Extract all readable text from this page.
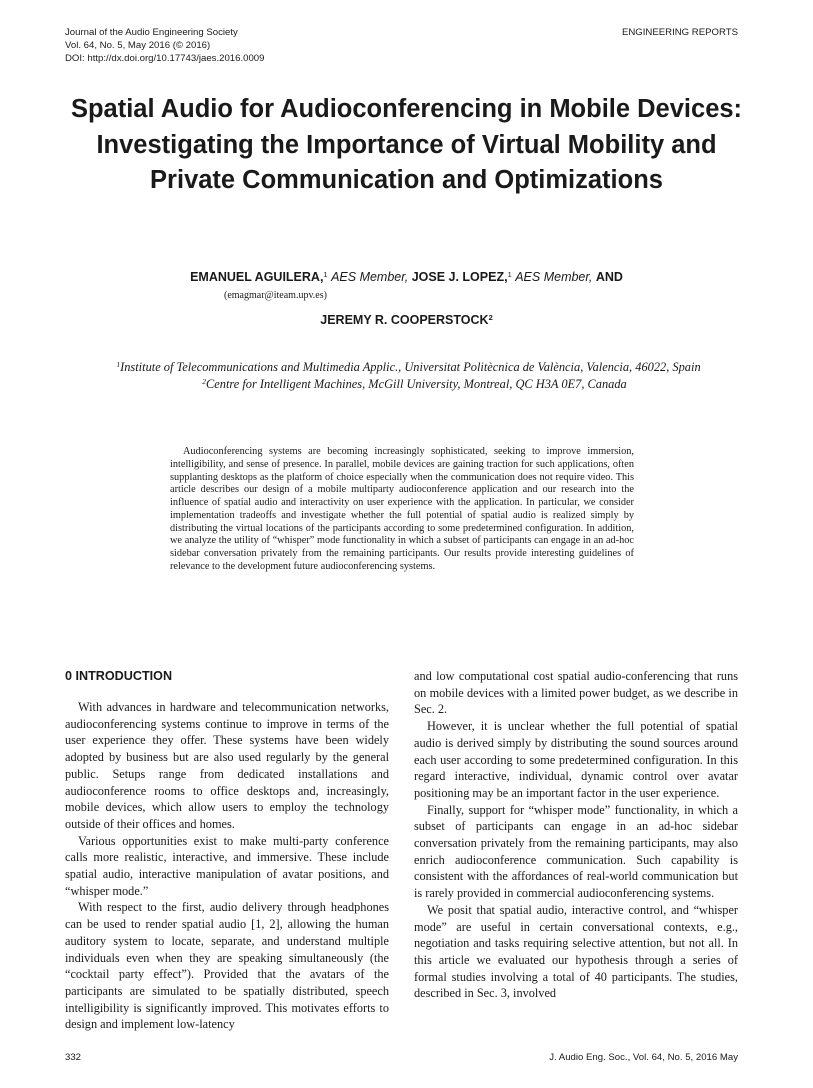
Journal of the Audio Engineering Society
Vol. 64, No. 5, May 2016 (© 2016)
DOI: http://dx.doi.org/10.17743/jaes.2016.0009
ENGINEERING REPORTS
Spatial Audio for Audioconferencing in Mobile Devices: Investigating the Importance of Virtual Mobility and Private Communication and Optimizations
EMANUEL AGUILERA,$^1$ AES Member, JOSE J. LOPEZ,$^1$ AES Member, AND
(emagmar@iteam.upv.es)
JEREMY R. COOPERSTOCK$^2$
$^1$Institute of Telecommunications and Multimedia Applic., Universitat Politècnica de València, Valencia, 46022, Spain
$^2$Centre for Intelligent Machines, McGill University, Montreal, QC H3A 0E7, Canada

Audioconferencing systems are becoming increasingly sophisticated, seeking to improve immersion, intelligibility, and sense of presence. In parallel, mobile devices are gaining traction for such applications, often supplanting desktops as the platform of choice especially when the communication does not require video. This article describes our design of a mobile multiparty audioconference application and our research into the influence of spatial audio and interactivity on user experience with the application. In particular, we consider implementation tradeoffs and investigate whether the full potential of spatial audio is realized simply by distributing the virtual locations of the participants according to some predetermined configuration. In addition, we analyze the utility of “whisper” mode functionality in which a subset of participants can engage in an ad-hoc sidebar conversation privately from the remaining participants. Our results provide interesting guidelines of relevance to the development future audioconferencing systems.

0 INTRODUCTION

With advances in hardware and telecommunication networks, audioconferencing systems continue to improve in terms of the user experience they offer. These systems have been widely adopted by business but are also used regularly by the general public. Setups range from dedicated installations and audioconference rooms to office desktops and, increasingly, mobile devices, which allow users to employ the technology outside of their offices and homes.

Various opportunities exist to make multi-party conference calls more realistic, interactive, and immersive. These include spatial audio, interactive manipulation of avatar positions, and “whisper mode.”

With respect to the first, audio delivery through headphones can be used to render spatial audio [1, 2], allowing the human auditory system to locate, separate, and understand multiple individuals even when they are speaking simultaneously (the “cocktail party effect”). Provided that the avatars of the participants are simulated to be spatially distributed, speech intelligibility is significantly improved. This motivates efforts to design and implement low-latency

and low computational cost spatial audio-conferencing that runs on mobile devices with a limited power budget, as we describe in Sec. 2.

However, it is unclear whether the full potential of spatial audio is derived simply by distributing the sound sources around each user according to some predetermined configuration. In this regard interactive, individual, dynamic control over avatar positioning may be an important factor in the user experience.

Finally, support for “whisper mode” functionality, in which a subset of participants can engage in an ad-hoc sidebar conversation privately from the remaining participants, may also enrich audioconference communication. Such capability is consistent with the affordances of real-world communication but is rarely provided in commercial audioconferencing systems.

We posit that spatial audio, interactive control, and “whisper mode” are useful in certain conversational contexts, e.g., negotiation and tasks requiring selective attention, but not all. In this article we evaluated our hypothesis through a series of formal studies involving a total of 40 participants. The studies, described in Sec. 3, involved

332	J. Audio Eng. Soc., Vol. 64, No. 5, 2016 May
